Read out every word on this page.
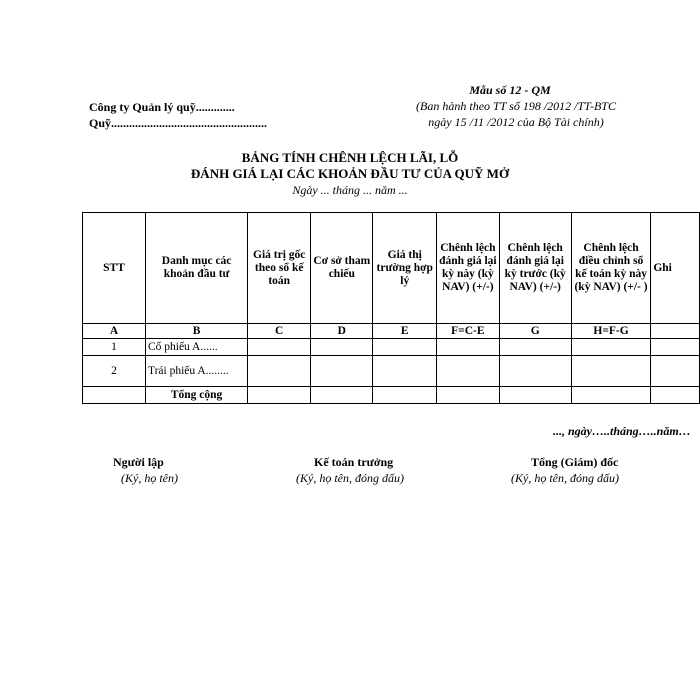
Mẫu số 12 - QM
Công ty Quản lý quỹ.............
Quỹ....................................................
(Ban hành theo TT số 198 /2012 /TT-BTC
ngày 15 /11 /2012 của Bộ Tài chính)
BẢNG TÍNH CHÊNH LỆCH LÃI, LỖ
ĐÁNH GIÁ LẠI CÁC KHOẢN ĐẦU TƯ CỦA QUỸ MỞ
Ngày ... tháng ... năm ...
STT	Danh mục các khoản đầu tư	Giá trị gốc theo sổ kế toán	Cơ sở tham chiếu	Giá thị trường hợp lý	Chênh lệch đánh giá lại kỳ này (kỳ NAV) (+/-)	Chênh lệch đánh giá lại kỳ trước (kỳ NAV) (+/-)	Chênh lệch điều chỉnh sổ kế toán kỳ này (kỳ NAV) (+/- )	Ghi
A	B	C	D	E	F=C-E	G	H=F-G	
1	Cổ phiếu A......							
2	Trái phiếu A........							
	Tổng cộng							
..., ngày…..tháng…..năm…
Người lập
(Ký, họ tên)
Kế toán trưởng
(Ký, họ tên, đóng dấu)
Tổng (Giám) đốc
(Ký, họ tên, đóng dấu)
